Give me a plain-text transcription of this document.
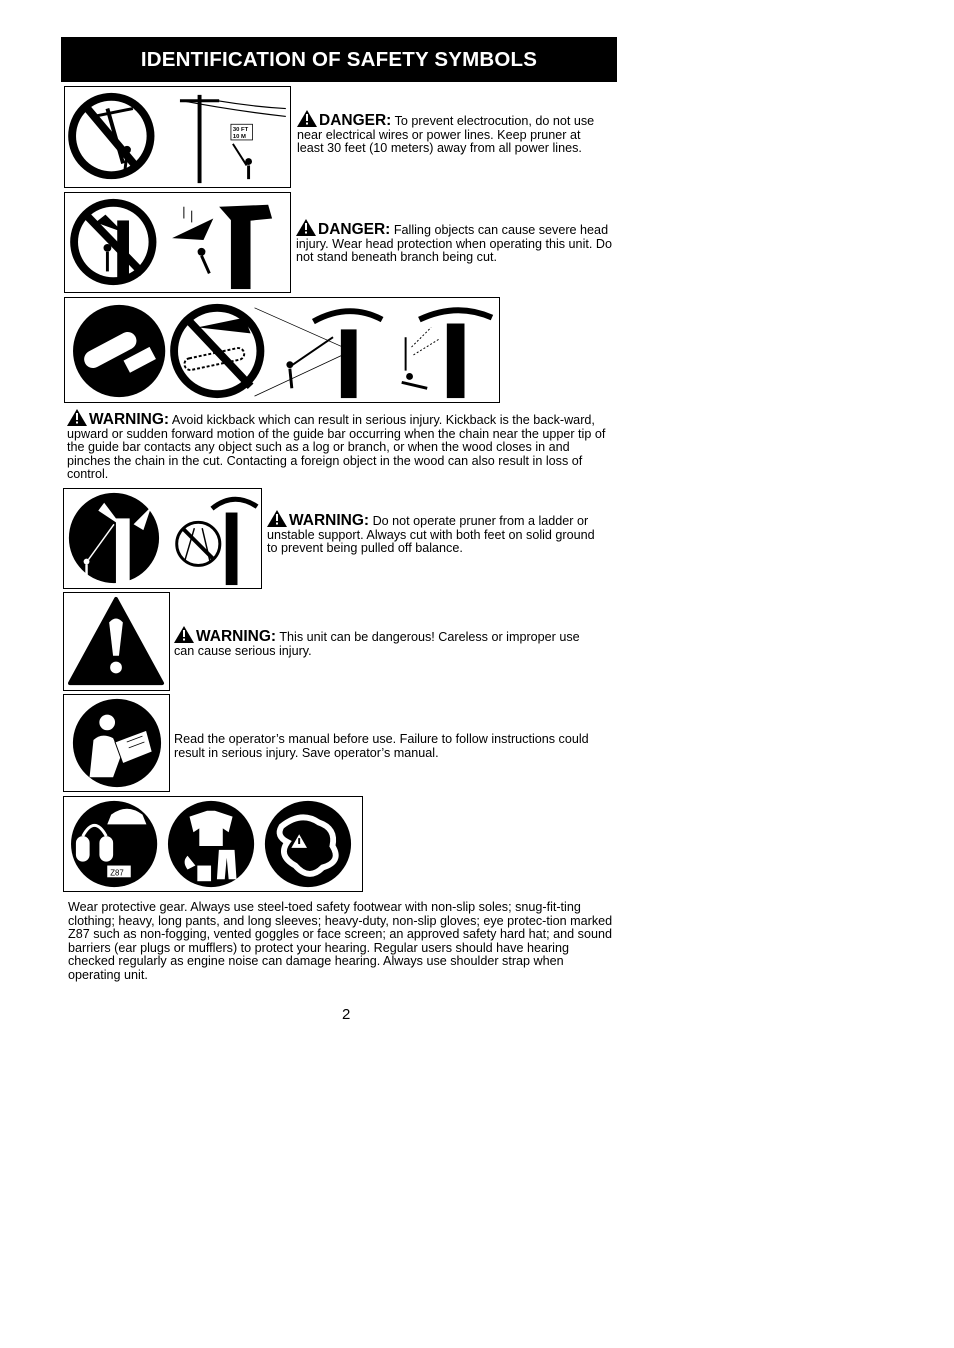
IDENTIFICATION OF SAFETY SYMBOLS
30 FT
10 M
DANGER: To prevent electrocution, do not use near electrical wires or power lines. Keep pruner at least 30 feet (10 meters) away from all power lines.
DANGER: Falling objects can cause severe head injury. Wear head protection when operating this unit. Do not stand beneath branch being cut.
WARNING: Avoid kickback which can result in serious injury. Kickback is the back-ward, upward or sudden forward motion of the guide bar occurring when the chain near the upper tip of the guide bar contacts any object such as a log or branch, or when the wood closes in and pinches the chain in the cut. Contacting a foreign object in the wood can also result in loss of control.
WARNING: Do not operate pruner from a ladder or unstable support. Always cut with both feet on solid ground to prevent being pulled off balance.
WARNING: This unit can be dangerous! Careless or improper use can cause serious injury.
Read the operator’s manual before use. Failure to follow instructions could result in serious injury. Save operator’s manual.
Z87
Wear protective gear. Always use steel-toed safety footwear with non-slip soles; snug-fit-ting clothing; heavy, long pants, and long sleeves; heavy-duty, non-slip gloves; eye protec-tion marked Z87 such as non-fogging, vented goggles or face screen; an approved safety hard hat; and sound barriers (ear plugs or mufflers) to protect your hearing. Regular users should have hearing checked regularly as engine noise can damage hearing. Always use shoulder strap when operating unit.
2
